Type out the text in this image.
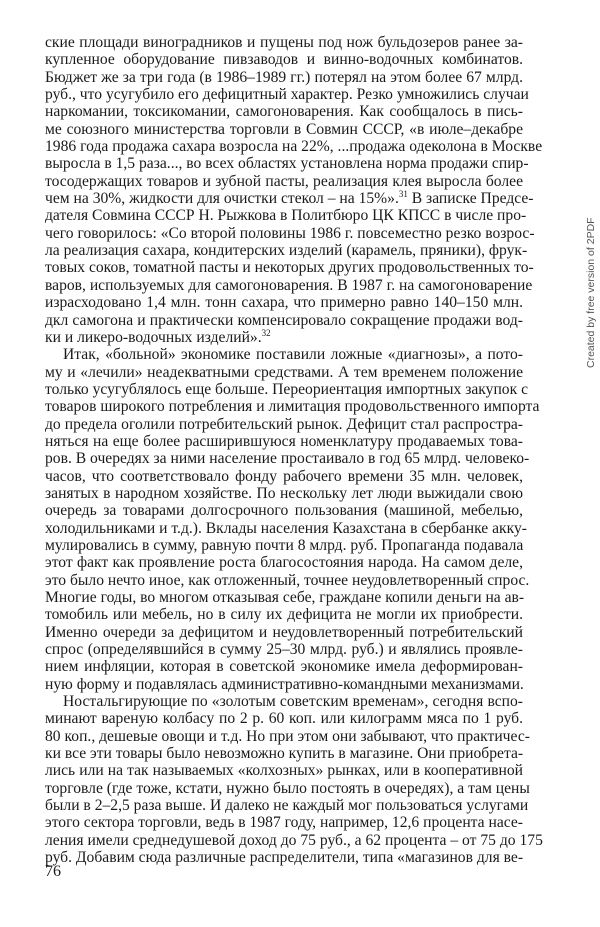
ские площади виноградников и пущены под нож бульдозеров ранее за-
купленное оборудование пивзаводов и винно-водочных комбинатов.
Бюджет же за три года (в 1986–1989 гг.) потерял на этом более 67 млрд.
руб., что усугубило его дефицитный характер. Резко умножились случаи
наркомании, токсикомании, самогоноварения. Как сообщалось в пись-
ме союзного министерства торговли в Совмин СССР, «в июле–декабре
1986 года продажа сахара возросла на 22%, ...продажа одеколона в Москве
выросла в 1,5 раза..., во всех областях установлена норма продажи спир-
тосодержащих товаров и зубной пасты, реализация клея выросла более
чем на 30%, жидкости для очистки стекол – на 15%».$^{31}$ В записке Предсе-
дателя Совмина СССР Н. Рыжкова в Политбюро ЦК КПСС в числе про-
чего говорилось: «Со второй половины 1986 г. повсеместно резко возрос-
ла реализация сахара, кондитерских изделий (карамель, пряники), фрук-
товых соков, томатной пасты и некоторых других продовольственных то-
варов, используемых для самогоноварения. В 1987 г. на самогоноварение
израсходовано 1,4 млн. тонн сахара, что примерно равно 140–150 млн.
дкл самогона и практически компенсировало сокращение продажи вод-
ки и ликеро-водочных изделий».$^{32}$
Итак, «больной» экономике поставили ложные «диагнозы», а пото-
му и «лечили» неадекватными средствами. А тем временем положение
только усугублялось еще больше. Переориентация импортных закупок с
товаров широкого потребления и лимитация продовольственного импорта
до предела оголили потребительский рынок. Дефицит стал распростра-
няться на еще более расширившуюся номенклатуру продаваемых това-
ров. В очередях за ними население простаивало в год 65 млрд. человеко-
часов, что соответствовало фонду рабочего времени 35 млн. человек,
занятых в народном хозяйстве. По нескольку лет люди выжидали свою
очередь за товарами долгосрочного пользования (машиной, мебелью,
холодильниками и т.д.). Вклады населения Казахстана в сбербанке акку-
мулировались в сумму, равную почти 8 млрд. руб. Пропаганда подавала
этот факт как проявление роста благосостояния народа. На самом деле,
это было нечто иное, как отложенный, точнее неудовлетворенный спрос.
Многие годы, во многом отказывая себе, граждане копили деньги на ав-
томобиль или мебель, но в силу их дефицита не могли их приобрести.
Именно очереди за дефицитом и неудовлетворенный потребительский
спрос (определявшийся в сумму 25–30 млрд. руб.) и являлись проявле-
нием инфляции, которая в советской экономике имела деформирован-
ную форму и подавлялась административно-командными механизмами.
Ностальгирующие по «золотым советским временам», сегодня вспо-
минают вареную колбасу по 2 р. 60 коп. или килограмм мяса по 1 руб.
80 коп., дешевые овощи и т.д. Но при этом они забывают, что практичес-
ки все эти товары было невозможно купить в магазине. Они приобрета-
лись или на так называемых «колхозных» рынках, или в кооперативной
торговле (где тоже, кстати, нужно было постоять в очередях), а там цены
были в 2–2,5 раза выше. И далеко не каждый мог пользоваться услугами
этого сектора торговли, ведь в 1987 году, например, 12,6 процента насе-
ления имели среднедушевой доход до 75 руб., а 62 процента – от 75 до 175
руб. Добавим сюда различные распределители, типа «магазинов для ве-
76
Created by free version of 2PDF
